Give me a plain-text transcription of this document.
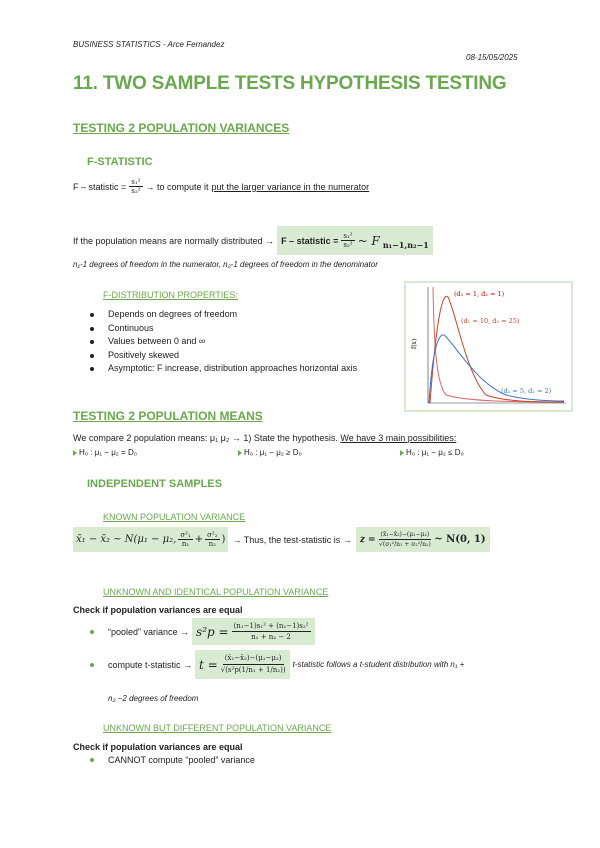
BUSINESS STATISTICS - Arce Fernandez
08-15/05/2025
11. TWO SAMPLE TESTS HYPOTHESIS TESTING
TESTING 2 POPULATION VARIANCES
F-STATISTIC
F – statistic = $\frac{\text{s₁²}}{\text{s₂²}}$ → to compute it put the larger variance in the numerator
If the population means are normally distributed → F – statistic = $\frac{\text{s₁²}}{\text{s₂²}}$ ~ F n₁−1,n₂−1
n₁-1 degrees of freedom in the numerator, n₂-1 degrees of freedom in the denominator
F-DISTRIBUTION PROPERTIES:
Depends on degrees of freedom
Continuous
Values between 0 and ∞
Positively skewed
Asymptotic: F increase, distribution approaches horizontal axis
f(x)
(d₁ = 1, d₂ = 1)
(d₁ = 10, d₂ = 25)
(d₁ = 5, d₂ = 2)
TESTING 2 POPULATION MEANS
We compare 2 population means: μ₁ μ₂ → 1) State the hypothesis. We have 3 main possibilities:
H₀ : μ₁ − μ₂ = D₀	H₀ : μ₁ − μ₂ ≥ D₀	H₀ : μ₁ − μ₂ ≤ D₀
INDEPENDENT SAMPLES
KNOWN POPULATION VARIANCE
x̄₁ − x̄₂ ~ N(μ₁ − μ₂, $\frac{\text{σ²₁}}{\text{n₁}} + \frac{\text{σ²₂}}{\text{n₂}}$ ) → Thus, the test-statistic is → $z = \frac{\text{(x̄₁−x̄₂)−(μ₁−μ₂)}}{\text{√(σ₁²/n₁ + σ₂²/n₂)}}$ ~ N(0, 1)
UNKNOWN AND IDENTICAL POPULATION VARIANCE
Check if population variances are equal
“pooled” variance → $s^2p = \frac{\text{(n₁−1)s₁² + (n₂−1)s₂²}}{\text{n₁ + n₂ − 2}}$
compute t-statistic → $t = \frac{\text{(x̄₁−x̄₂)−(μ₁−μ₂)}}{\text{√(s²p(1/n₁ + 1/n₂))}}$ t-statistic follows a t-student distribution with n₁ +
n₂ −2 degrees of freedom
UNKNOWN BUT DIFFERENT POPULATION VARIANCE
Check if population variances are equal
CANNOT compute “pooled” variance
